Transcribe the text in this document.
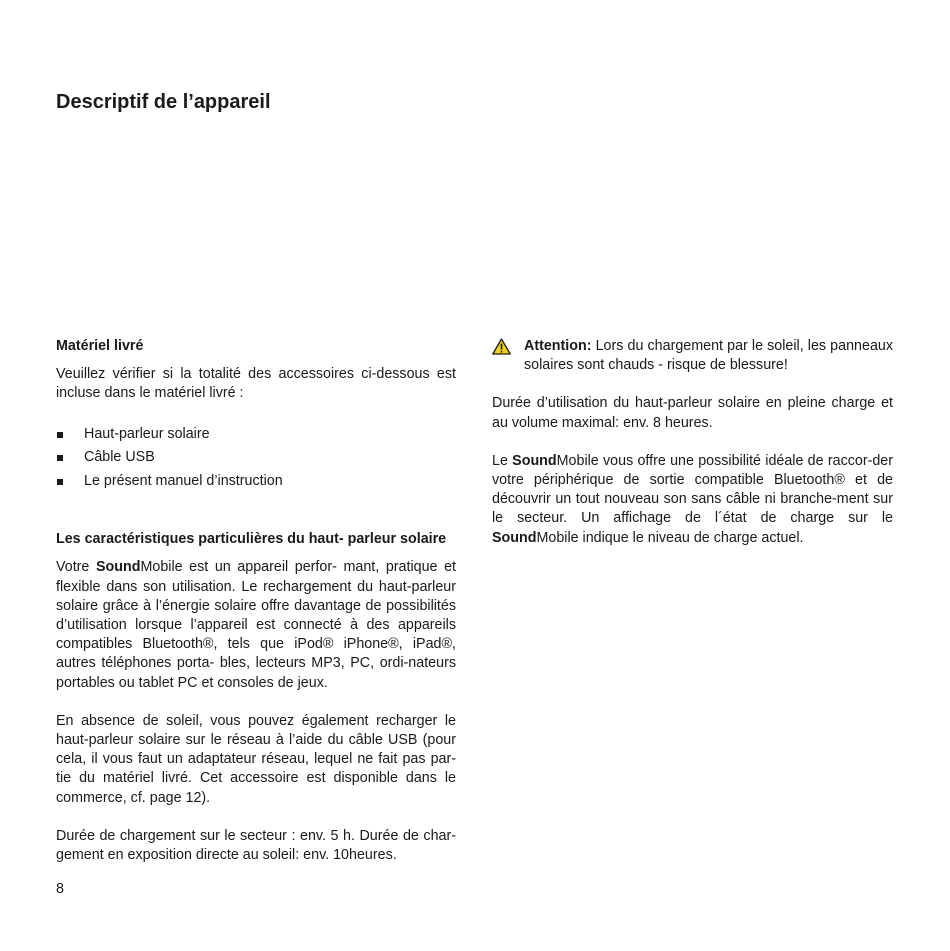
Descriptif de l’appareil
Matériel livré

Veuillez vérifier si la totalité des accessoires ci-dessous est incluse dans le matériel livré :

Haut-parleur solaire
Câble USB
Le présent manuel d’instruction
Les caractéristiques particulières du haut- parleur solaire

Votre SoundMobile est un appareil perfor- mant, pratique et flexible dans son utilisation. Le rechargement du haut-parleur solaire grâce à l’énergie solaire offre davantage de possibilités d’utilisation lorsque l’appareil est connecté à des appareils compatibles Bluetooth®, tels que iPod® iPhone®, iPad®, autres téléphones porta- bles, lecteurs MP3, PC, ordi-nateurs portables ou tablet PC et consoles de jeux.

En absence de soleil, vous pouvez également recharger le haut-parleur solaire sur le réseau à l’aide du câble USB (pour cela, il vous faut un adaptateur réseau, lequel ne fait pas par-tie du matériel livré. Cet accessoire est disponible dans le commerce, cf. page 12).

Durée de chargement sur le secteur : env. 5 h. Durée de char-gement en exposition directe au soleil: env. 10heures.

Attention: Lors du chargement par le soleil, les panneaux solaires sont chauds - risque de blessure!

Durée d’utilisation du haut-parleur solaire en pleine charge et au volume maximal: env. 8 heures.

Le SoundMobile vous offre une possibilité idéale de raccor-der votre périphérique de sortie compatible Bluetooth® et de découvrir un tout nouveau son sans câble ni branche-ment sur le secteur. Un affichage de l´état de charge sur le SoundMobile indique le niveau de charge actuel.

8
